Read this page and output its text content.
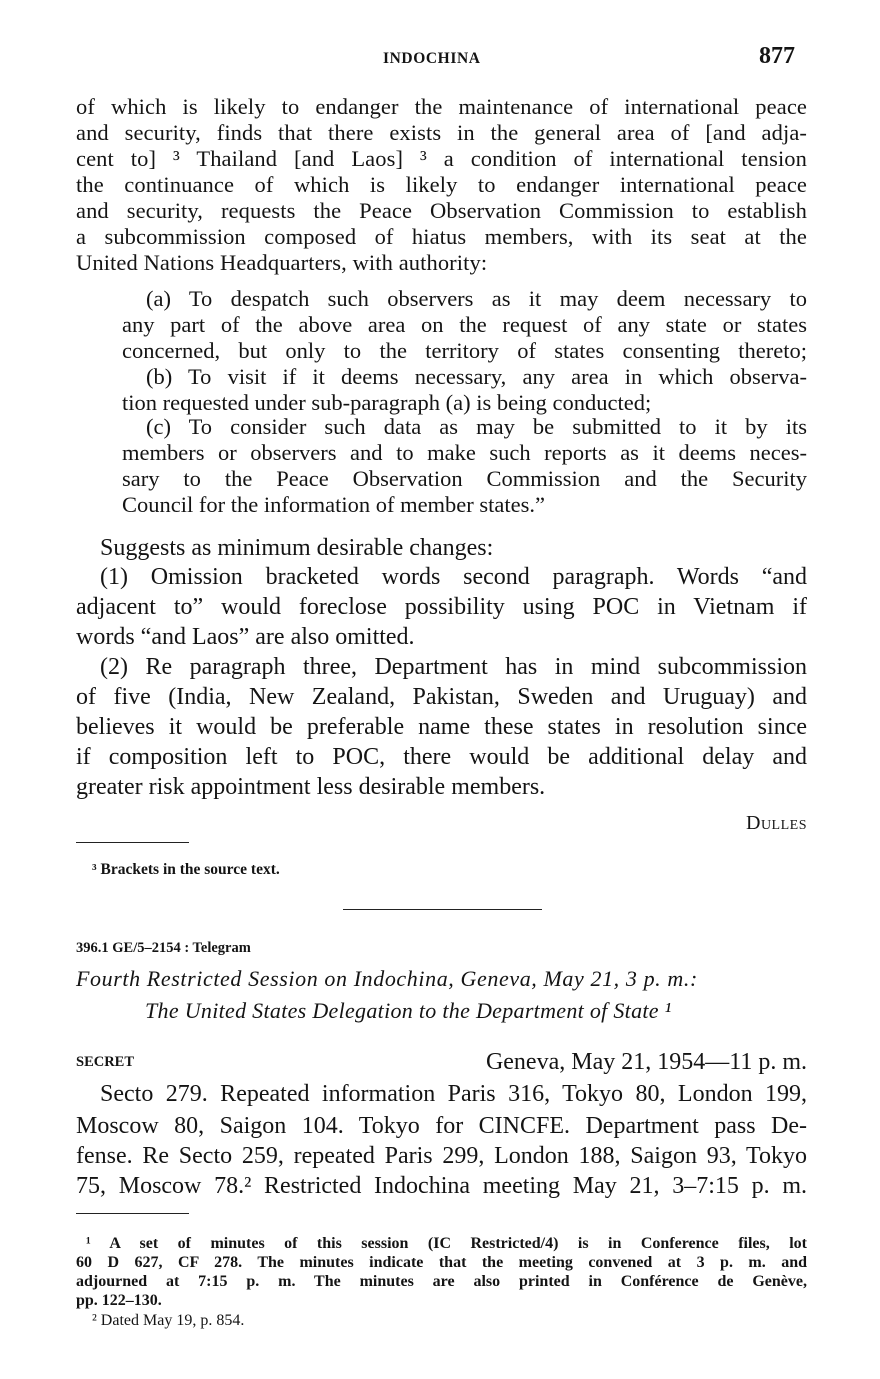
INDOCHINA	877
of which is likely to endanger the maintenance of international peace
and security, finds that there exists in the general area of [and adja-
cent to] ³ Thailand [and Laos] ³ a condition of international tension
the continuance of which is likely to endanger international peace
and security, requests the Peace Observation Commission to establish
a subcommission composed of hiatus members, with its seat at the
United Nations Headquarters, with authority:
(a) To despatch such observers as it may deem necessary to
any part of the above area on the request of any state or states
concerned, but only to the territory of states consenting thereto;
(b) To visit if it deems necessary, any area in which observa-
tion requested under sub-paragraph (a) is being conducted;
(c) To consider such data as may be submitted to it by its
members or observers and to make such reports as it deems neces-
sary to the Peace Observation Commission and the Security
Council for the information of member states.”
Suggests as minimum desirable changes:
(1) Omission bracketed words second paragraph. Words “and
adjacent to” would foreclose possibility using POC in Vietnam if
words “and Laos” are also omitted.
(2) Re paragraph three, Department has in mind subcommission
of five (India, New Zealand, Pakistan, Sweden and Uruguay) and
believes it would be preferable name these states in resolution since
if composition left to POC, there would be additional delay and
greater risk appointment less desirable members.
Dulles
³ Brackets in the source text.
396.1 GE/5–2154 : Telegram
Fourth Restricted Session on Indochina, Geneva, May 21, 3 p. m.:
The United States Delegation to the Department of State ¹
SECRET	Geneva, May 21, 1954—11 p. m.
Secto 279. Repeated information Paris 316, Tokyo 80, London 199,
Moscow 80, Saigon 104. Tokyo for CINCFE. Department pass De-
fense. Re Secto 259, repeated Paris 299, London 188, Saigon 93, Tokyo
75, Moscow 78.² Restricted Indochina meeting May 21, 3–7:15 p. m.
¹ A set of minutes of this session (IC Restricted/4) is in Conference files, lot
60 D 627, CF 278. The minutes indicate that the meeting convened at 3 p. m. and
adjourned at 7:15 p. m. The minutes are also printed in Conférence de Genève,
pp. 122–130.
² Dated May 19, p. 854.
